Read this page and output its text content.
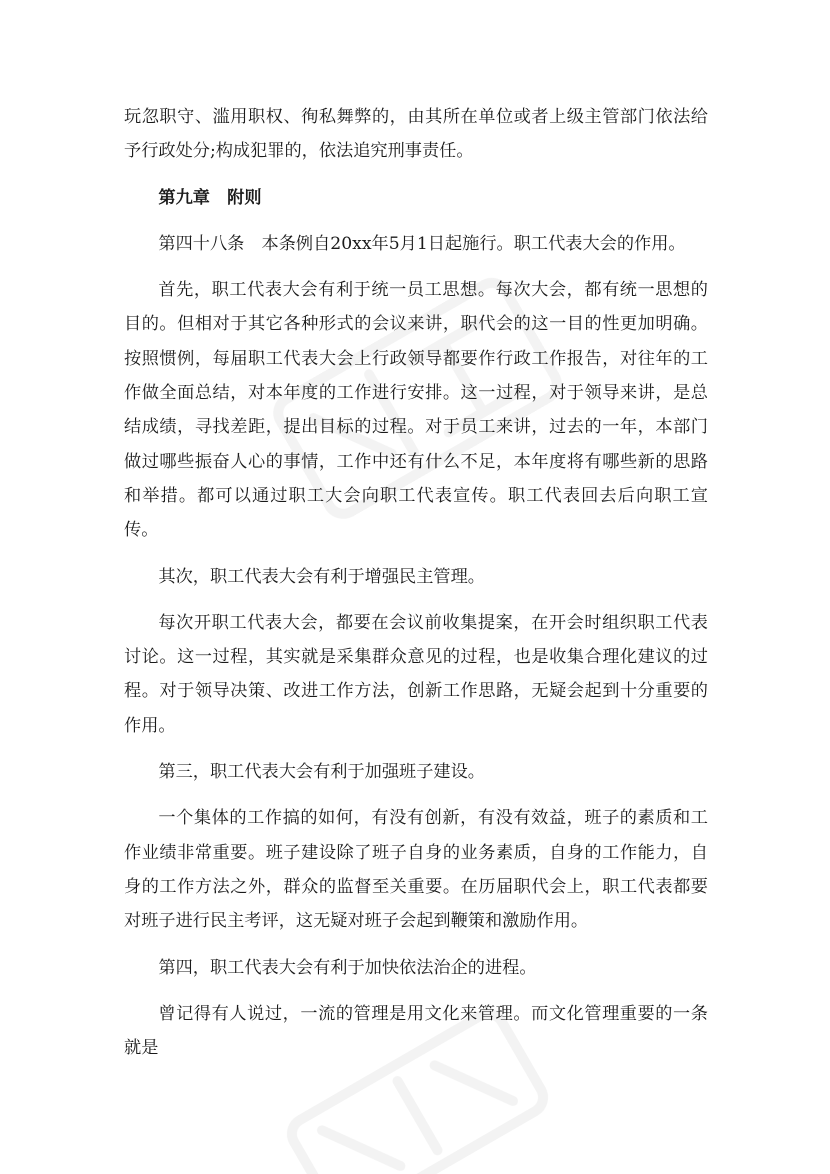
玩忽职守、滥用职权、徇私舞弊的，由其所在单位或者上级主管部门依法给予行政处分;构成犯罪的，依法追究刑事责任。

第九章　附则

第四十八条　本条例自20xx年5月1日起施行。职工代表大会的作用。

首先，职工代表大会有利于统一员工思想。每次大会，都有统一思想的目的。但相对于其它各种形式的会议来讲，职代会的这一目的性更加明确。按照惯例，每届职工代表大会上行政领导都要作行政工作报告，对往年的工作做全面总结，对本年度的工作进行安排。这一过程，对于领导来讲，是总结成绩，寻找差距，提出目标的过程。对于员工来讲，过去的一年，本部门做过哪些振奋人心的事情，工作中还有什么不足，本年度将有哪些新的思路和举措。都可以通过职工大会向职工代表宣传。职工代表回去后向职工宣传。

其次，职工代表大会有利于增强民主管理。

每次开职工代表大会，都要在会议前收集提案，在开会时组织职工代表讨论。这一过程，其实就是采集群众意见的过程，也是收集合理化建议的过程。对于领导决策、改进工作方法，创新工作思路，无疑会起到十分重要的作用。

第三，职工代表大会有利于加强班子建设。

一个集体的工作搞的如何，有没有创新，有没有效益，班子的素质和工作业绩非常重要。班子建设除了班子自身的业务素质，自身的工作能力，自身的工作方法之外，群众的监督至关重要。在历届职代会上，职工代表都要对班子进行民主考评，这无疑对班子会起到鞭策和激励作用。

第四，职工代表大会有利于加快依法治企的进程。

曾记得有人说过，一流的管理是用文化来管理。而文化管理重要的一条就是
